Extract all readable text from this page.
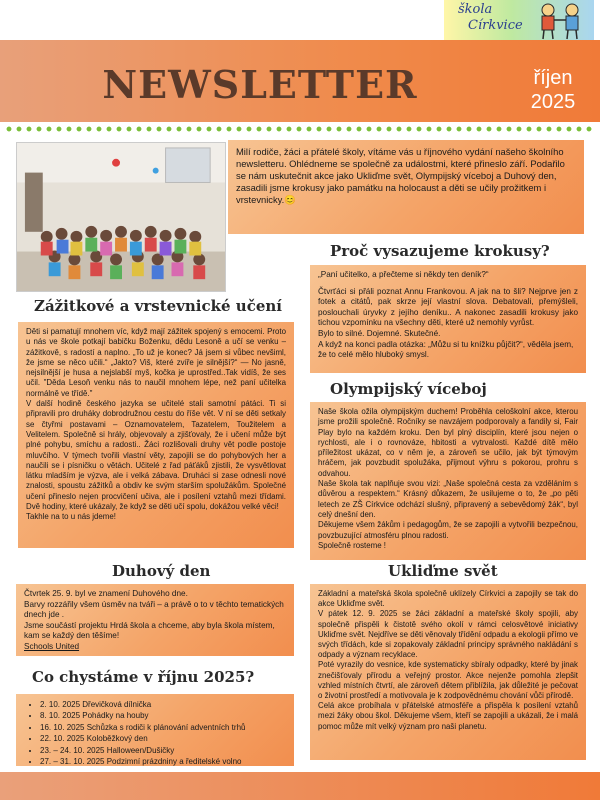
škola
Církvice
NEWSLETTER	říjen
2025

Milí rodiče, žáci a přátelé školy, vítáme vás u říjnového vydání našeho školního newsletteru. Ohlédneme se společně za událostmi, které přineslo září. Podařilo se nám uskutečnit akce jako Ukliďme svět, Olympijský víceboj a Duhový den, zasadili jsme krokusy jako památku na holocaust a děti se učily prožitkem i vrstevnicky.😊

Proč vysazujeme krokusy?

„Paní učitelko, a přečteme si někdy ten deník?“

Čtvrťáci si přáli poznat Annu Frankovou. A jak na to šli? Nejprve jen z fotek a citátů, pak skrze její vlastní slova. Debatovali, přemýšleli, poslouchali úryvky z jejího deníku.. A nakonec zasadili krokusy jako tichou vzpomínku na všechny děti, které už nemohly vyrůst.

Bylo to silné. Dojemné. Skutečné.

A když na konci padla otázka: „Můžu si tu knížku půjčit?“, věděla jsem, že to celé mělo hluboký smysl.

Zážitkové a vrstevnické učení

Děti si pamatují mnohem víc, když mají zážitek spojený s emocemi. Proto u nás ve škole potkají babičku Boženku, dědu Lesoně a učí se venku – zážitkově, s radostí a naplno. „To už je konec? Já jsem si vůbec nevšiml, že jsme se něco učili.“ „Jakto? Viš, které zvíře je silnější?“ — No jasně, nejsilnější je husa a nejslabší myš, kočka je uprostřed..Tak vidíš, že ses učil. "Děda Lesoň venku nás to naučil mnohem lépe, než paní učitelka normálně ve třídě."

V další hodině českého jazyka se učitelé stali samotní pátáci. Ti si připravili pro druháky dobrodružnou cestu do říše vět. V ní se děti setkaly se čtyřmi postavami – Oznamovatelem, Tazatelem, Toužitelem a Velitelem. Společně si hrály, objevovaly a zjišťovaly, že i učení může být plné pohybu, smíchu a radosti.. Žáci rozlišovali druhy vět podle postoje mluvčího. V týmech tvořili vlastní věty, zapojili se do pohybových her a naučili se i písničku o větách. Učitelé z řad páťáků zjistili, že vysvětlovat látku mladším je výzva, ale i velká zábava. Druháci si zase odnesli nové znalosti, spoustu zážitků a obdiv ke svým starším spolužákům. Společné učení přineslo nejen procvičení učiva, ale i posílení vztahů mezi třídami. Dvě hodiny, které ukázaly, že když se děti učí spolu, dokážou velké věci!

Takhle na to u nás jdeme!

Olympijský víceboj

Naše škola ožila olympijským duchem! Proběhla celoškolní akce, kterou jsme prožili společně. Ročníky se navzájem podporovaly a fandily si, Fair Play bylo na každém kroku. Den byl plný disciplín, které jsou nejen o rychlosti, ale i o rovnováze, hbitosti a vytrvalosti. Každé dítě mělo příležitost ukázat, co v něm je, a zároveň se učilo, jak být týmovým hráčem, jak povzbudit spolužáka, přijmout výhru s pokorou, prohru s odvahou.

Naše škola tak naplňuje svou vizi: „Naše společná cesta za vzděláním s důvěrou a respektem.“ Krásný důkazem, že usilujeme o to, že „po pěti letech ze ZŠ Církvice odchází slušný, připravený a sebevědomý žák“, byl celý dnešní den.

Děkujeme všem žákům i pedagogům, že se zapojili a vytvořili bezpečnou, povzbuzující atmosféru plnou radosti.

Společně rosteme !

Duhový den

Čtvrtek 25. 9. byl ve znamení Duhového dne.

Barvy rozzářily všem úsměv na tváři – a právě o to v těchto tematických dnech jde .

Jsme součástí projektu Hrdá škola a chceme, aby byla škola místem, kam se každý den těšíme!

Schools United

Ukliďme svět

Základní a mateřská škola společně uklízely Církvici a zapojily se tak do akce Ukliďme svět.

V pátek 12. 9. 2025 se žáci základní a mateřské školy spojili, aby společně přispěli k čistotě svého okolí v rámci celosvětové iniciativy Ukliďme svět. Nejdříve se děti věnovaly třídění odpadu a ekologii přímo ve svých třídách, kde si zopakovaly základní principy správného nakládání s odpady a význam recyklace.

Poté vyrazily do vesnice, kde systematicky sbíraly odpadky, které by jinak znečišťovaly přírodu a veřejný prostor. Akce nejenže pomohla zlepšit vzhled místních čtvrtí, ale zároveň dětem přiblížila, jak důležité je pečovat o životní prostředí a motivovala je k zodpovědnému chování vůči přírodě.

Celá akce probíhala v přátelské atmosféře a přispěla k posílení vztahů mezi žáky obou škol. Děkujeme všem, kteří se zapojili a ukázali, že i malá pomoc může mít velký význam pro naši planetu.

Co chystáme v říjnu 2025?
• 2. 10. 2025 Dřevičková dílnička
• 8. 10. 2025 Pohádky na houby
• 16. 10. 2025 Schůzka s rodiči k plánování adventních trhů
• 22. 10. 2025 Koloběžkový den
• 23. – 24. 10. 2025 Halloween/Dušičky
• 27. – 31. 10. 2025 Podzimní prázdniny a ředitelské volno
